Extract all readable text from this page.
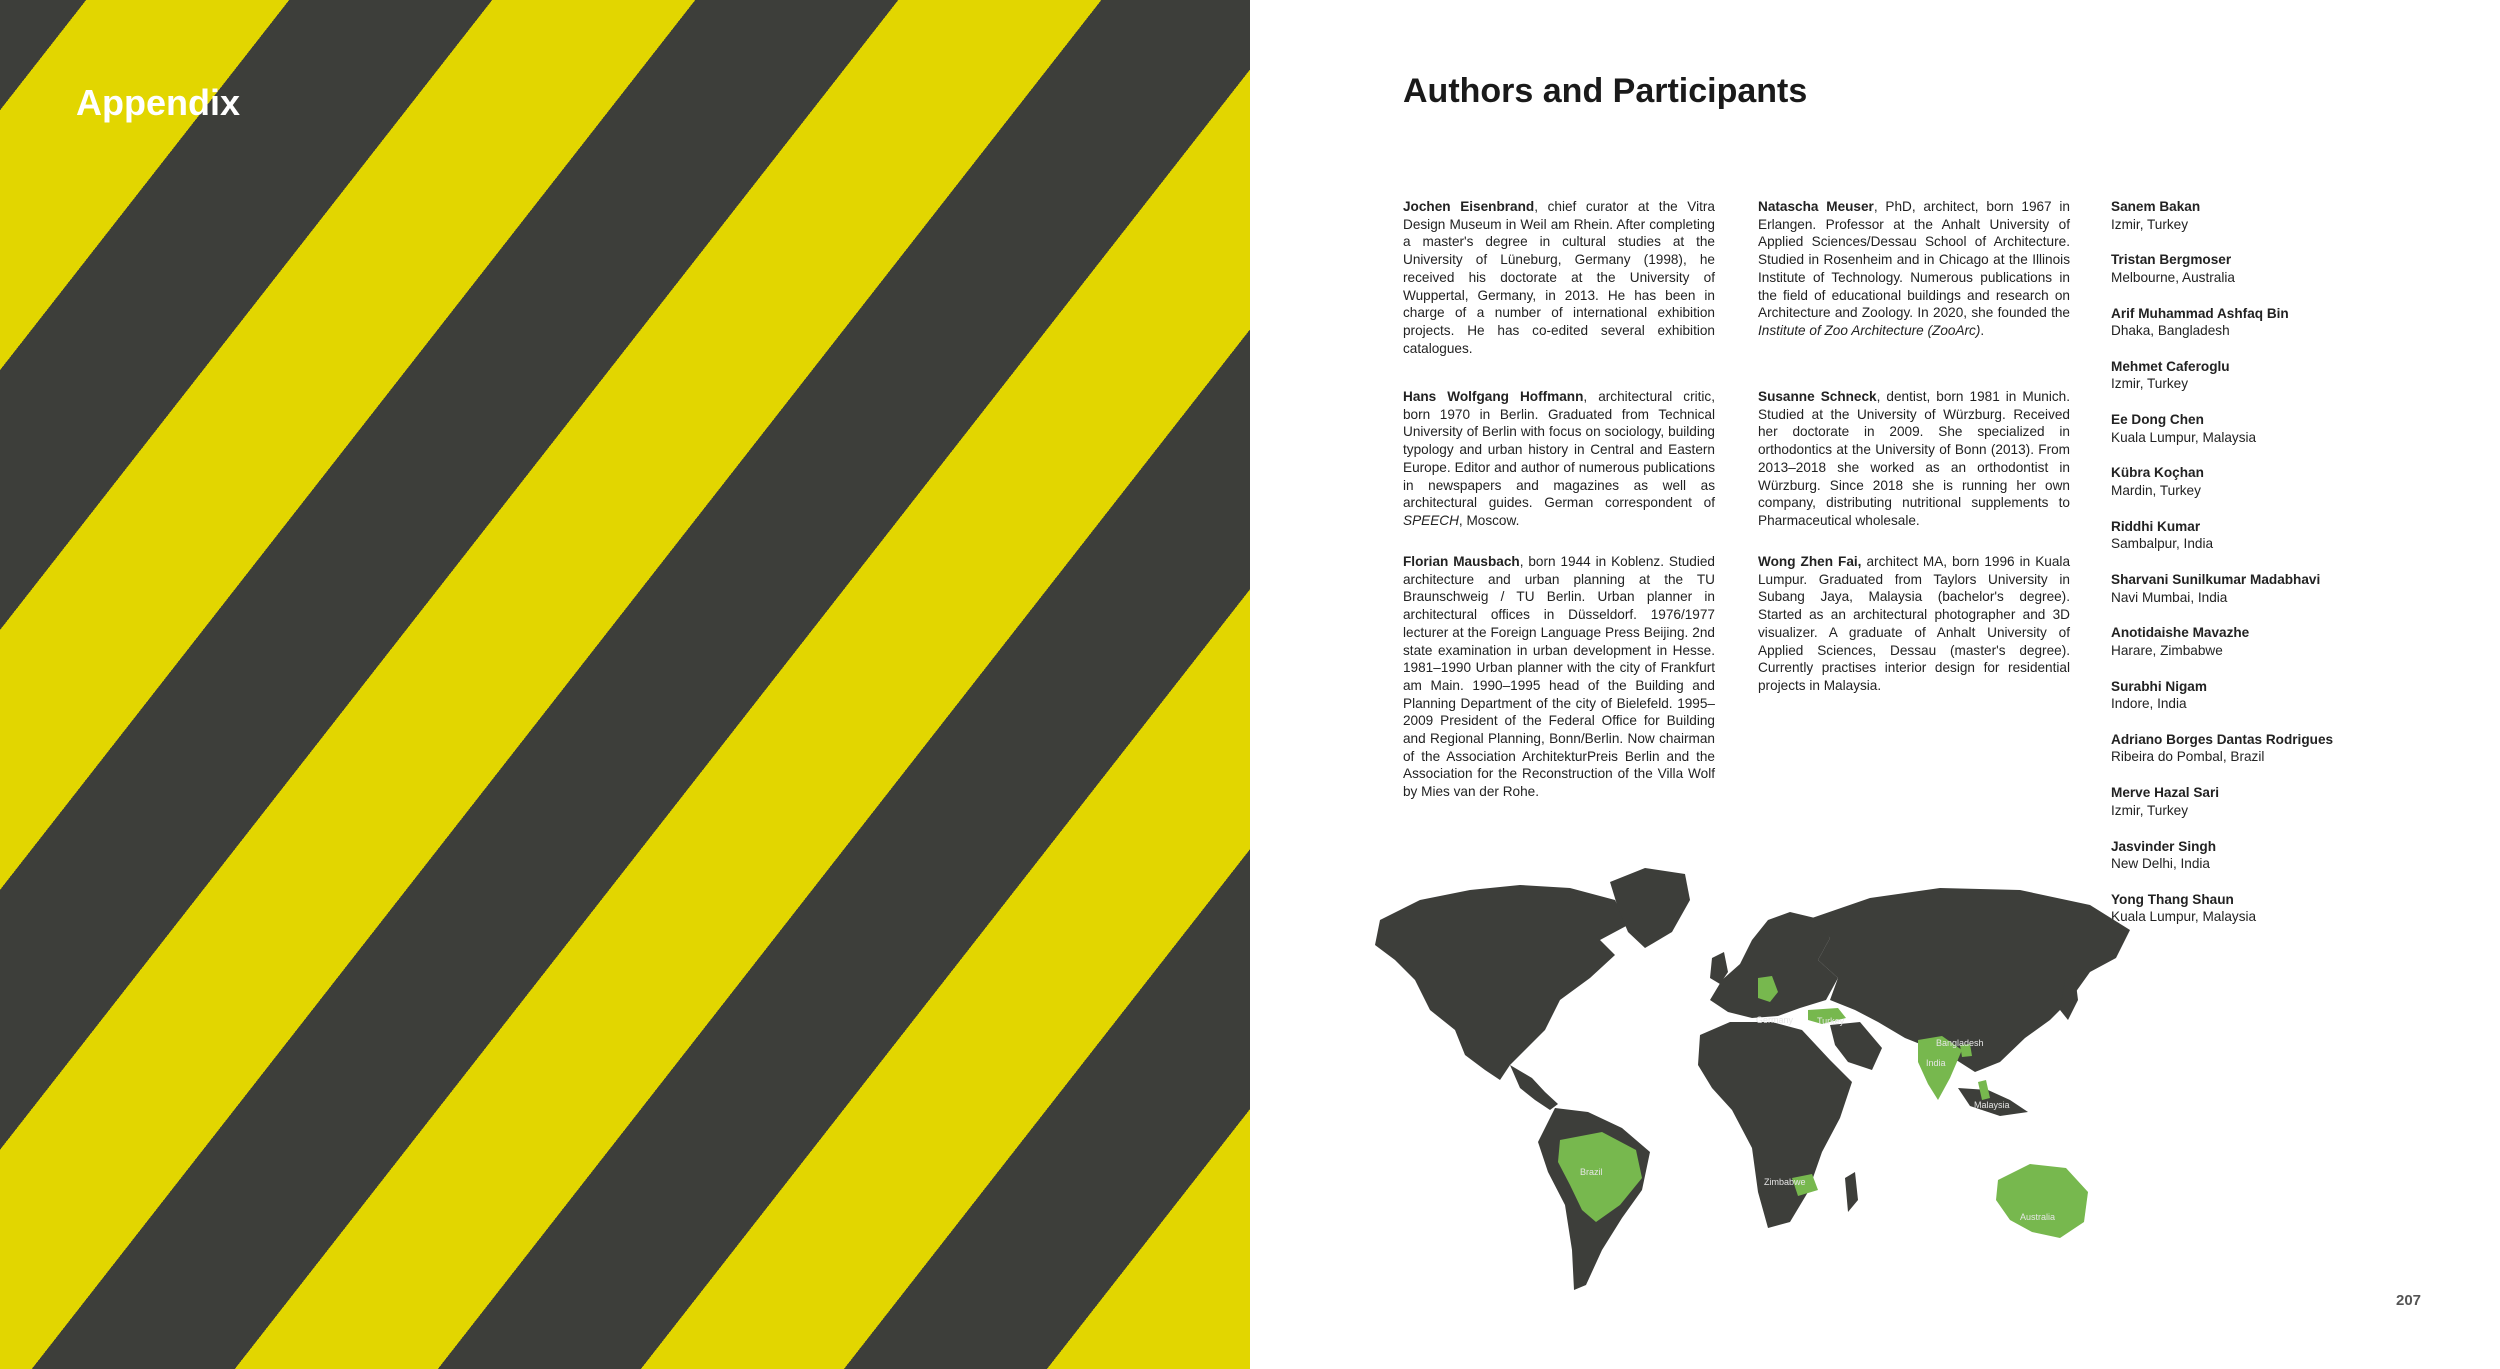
Appendix	Authors and Participants

Jochen Eisenbrand, chief curator at the Vitra Design Museum in Weil am Rhein. After completing a master's degree in cultural studies at the University of Lüneburg, Germany (1998), he received his doctorate at the University of Wuppertal, Germany, in 2013. He has been in charge of a number of international exhibition projects. He has co-edited several exhibition catalogues.

Hans Wolfgang Hoffmann, architectural critic, born 1970 in Berlin. Graduated from Technical University of Berlin with focus on sociology, building typology and urban history in Central and Eastern Europe. Editor and author of numerous publications in newspapers and magazines as well as architectural guides. German correspondent of SPEECH, Moscow.

Florian Mausbach, born 1944 in Koblenz. Studied architecture and urban planning at the TU Braunschweig / TU Berlin. Urban planner in architectural offices in Düsseldorf. 1976/1977 lecturer at the Foreign Language Press Beijing. 2nd state examination in urban development in Hesse. 1981–1990 Urban planner with the city of Frankfurt am Main. 1990–1995 head of the Building and Planning Department of the city of Bielefeld. 1995–2009 President of the Federal Office for Building and Regional Planning, Bonn/Berlin. Now chairman of the Association ArchitekturPreis Berlin and the Association for the Reconstruction of the Villa Wolf by Mies van der Rohe.

Natascha Meuser, PhD, architect, born 1967 in Erlangen. Professor at the Anhalt University of Applied Sciences/Dessau School of Architecture. Studied in Rosenheim and in Chicago at the Illinois Institute of Technology. Numerous publications in the field of educational buildings and research on Architecture and Zoology. In 2020, she founded the Institute of Zoo Architecture (ZooArc).

Susanne Schneck, dentist, born 1981 in Munich. Studied at the University of Würzburg. Received her doctorate in 2009. She specialized in orthodontics at the University of Bonn (2013). From 2013–2018 she worked as an orthodontist in Würzburg. Since 2018 she is running her own company, distributing nutritional supplements to Pharmaceutical wholesale.

Wong Zhen Fai, architect MA, born 1996 in Kuala Lumpur. Graduated from Taylors University in Subang Jaya, Malaysia (bachelor's degree). Started as an architectural photographer and 3D visualizer. A graduate of Anhalt University of Applied Sciences, Dessau (master's degree). Currently practises interior design for residential projects in Malaysia.

Sanem Bakan
Izmir, Turkey
Tristan Bergmoser
Melbourne, Australia
Arif Muhammad Ashfaq Bin
Dhaka, Bangladesh
Mehmet Caferoglu
Izmir, Turkey
Ee Dong Chen
Kuala Lumpur, Malaysia
Kübra Koçhan
Mardin, Turkey
Riddhi Kumar
Sambalpur, India
Sharvani Sunilkumar Madabhavi
Navi Mumbai, India
Anotidaishe Mavazhe
Harare, Zimbabwe
Surabhi Nigam
Indore, India
Adriano Borges Dantas Rodrigues
Ribeira do Pombal, Brazil
Merve Hazal Sari
Izmir, Turkey
Jasvinder Singh
New Delhi, India
Yong Thang Shaun
Kuala Lumpur, Malaysia
Germany	Turkey
Bangladesh
India
Malaysia
Brazil
Zimbabwe
Australia
207
